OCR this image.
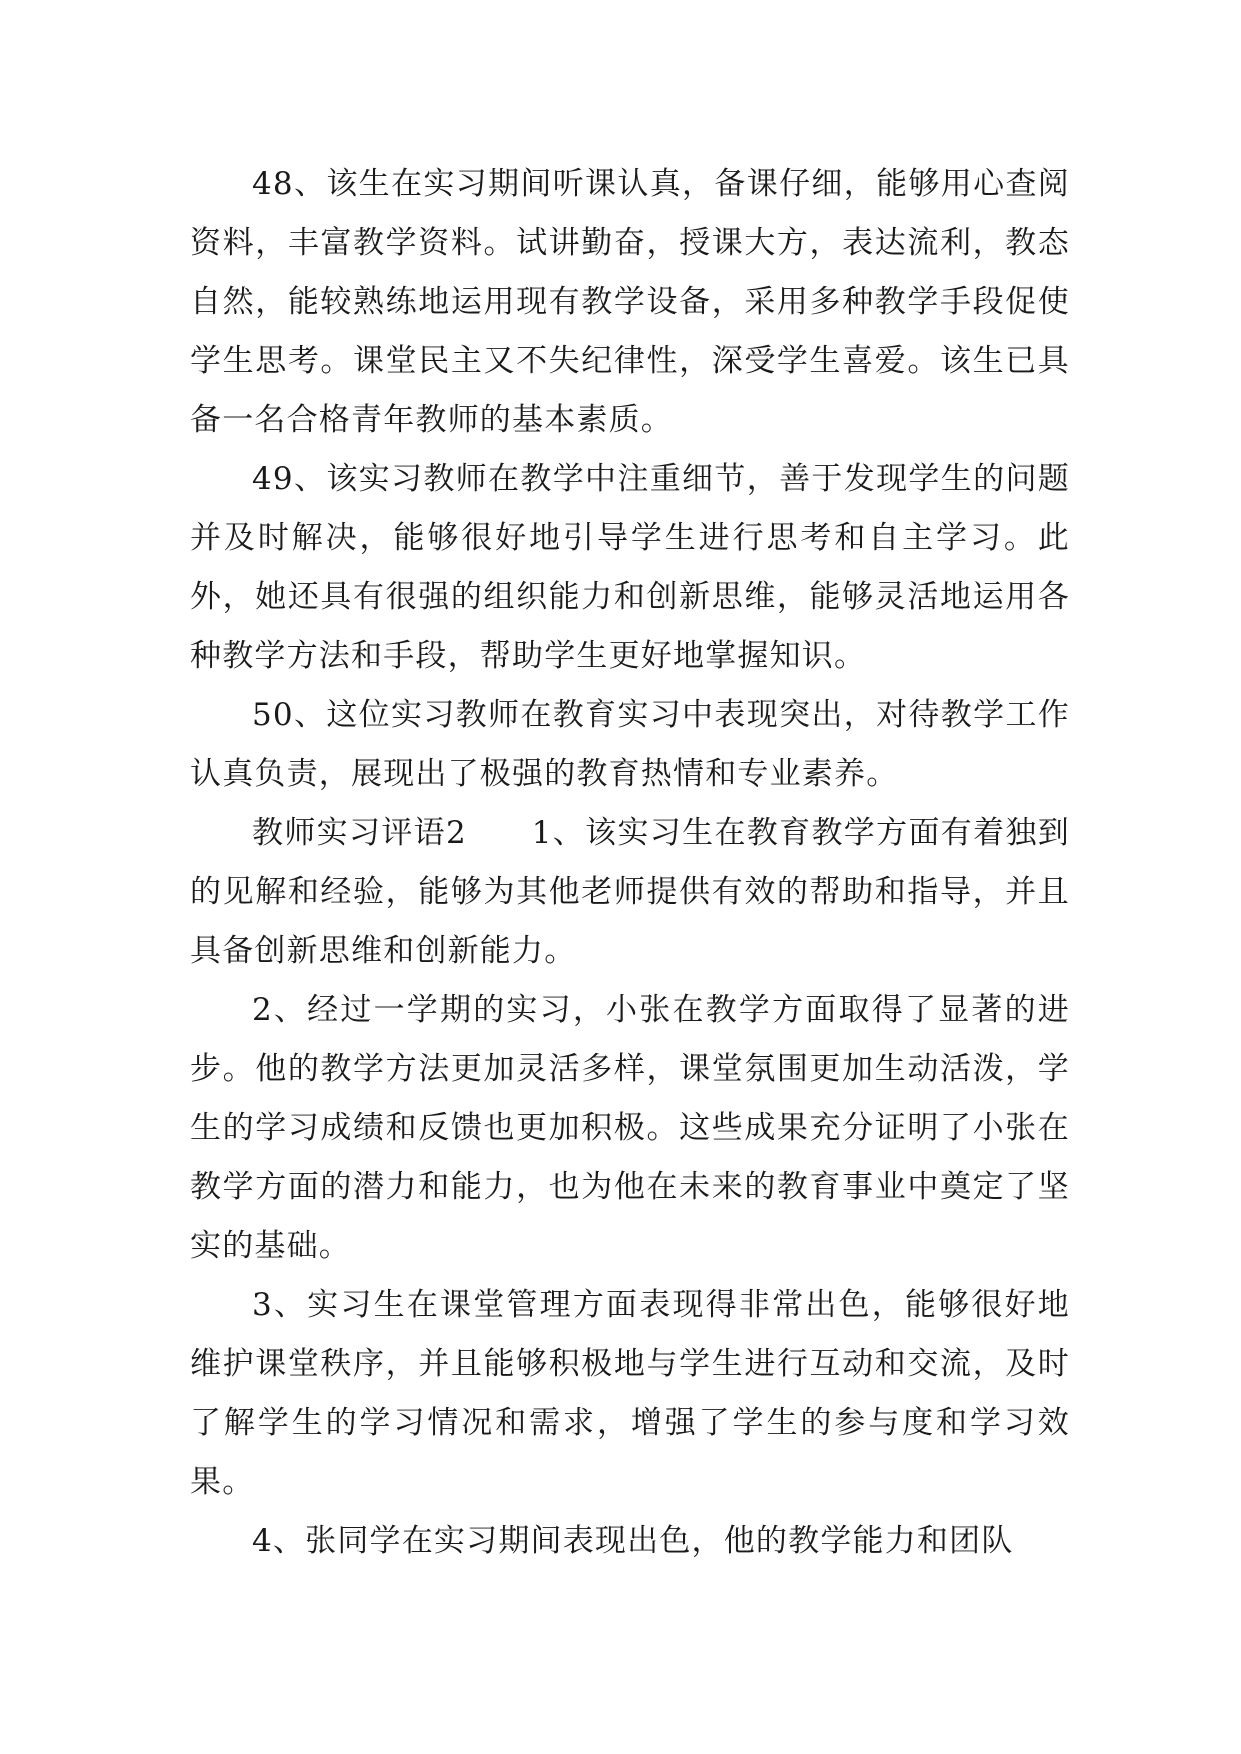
48、该生在实习期间听课认真，备课仔细，能够用心查阅资料，丰富教学资料。试讲勤奋，授课大方，表达流利，教态自然，能较熟练地运用现有教学设备，采用多种教学手段促使学生思考。课堂民主又不失纪律性，深受学生喜爱。该生已具备一名合格青年教师的基本素质。

49、该实习教师在教学中注重细节，善于发现学生的问题并及时解决，能够很好地引导学生进行思考和自主学习。此外，她还具有很强的组织能力和创新思维，能够灵活地运用各种教学方法和手段，帮助学生更好地掌握知识。

50、这位实习教师在教育实习中表现突出，对待教学工作认真负责，展现出了极强的教育热情和专业素养。

教师实习评语2　　1、该实习生在教育教学方面有着独到的见解和经验，能够为其他老师提供有效的帮助和指导，并且具备创新思维和创新能力。

2、经过一学期的实习，小张在教学方面取得了显著的进步。他的教学方法更加灵活多样，课堂氛围更加生动活泼，学生的学习成绩和反馈也更加积极。这些成果充分证明了小张在教学方面的潜力和能力，也为他在未来的教育事业中奠定了坚实的基础。

3、实习生在课堂管理方面表现得非常出色，能够很好地维护课堂秩序，并且能够积极地与学生进行互动和交流，及时了解学生的学习情况和需求，增强了学生的参与度和学习效果。

4、张同学在实习期间表现出色，他的教学能力和团队
